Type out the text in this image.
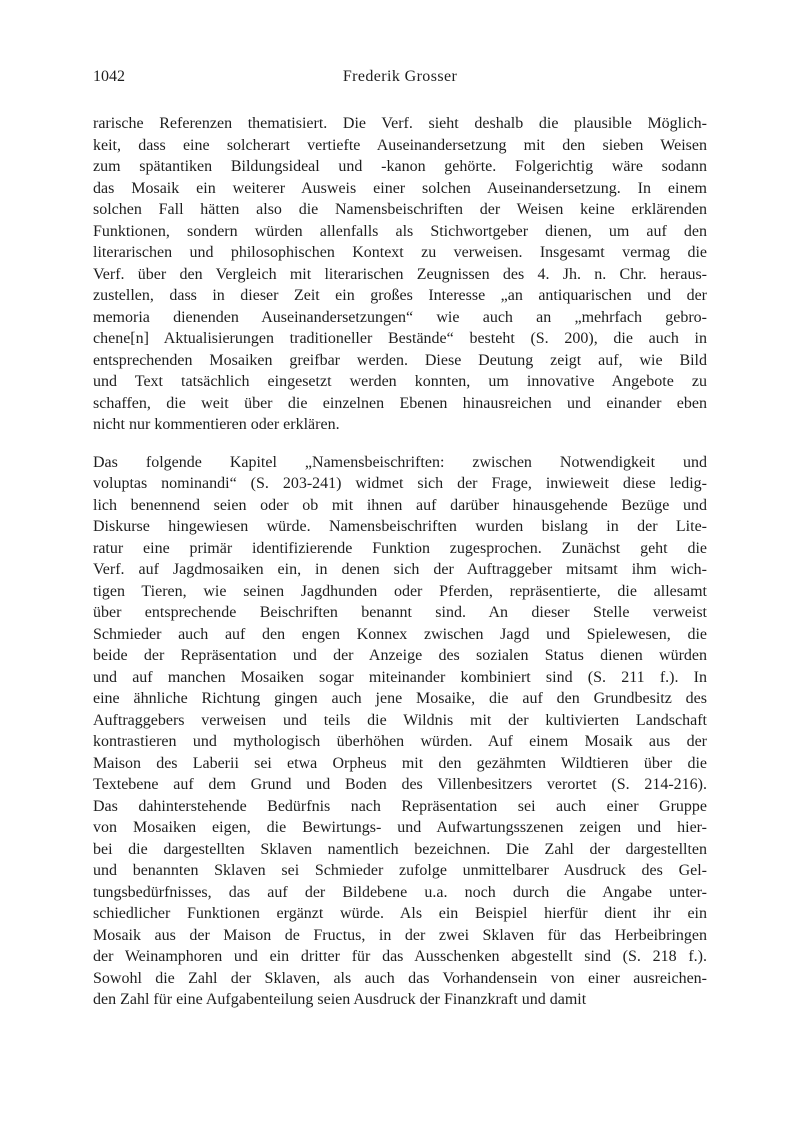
1042	Frederik Grosser
rarische Referenzen thematisiert. Die Verf. sieht deshalb die plausible Möglich-
keit, dass eine solcherart vertiefte Auseinandersetzung mit den sieben Weisen
zum spätantiken Bildungsideal und -kanon gehörte. Folgerichtig wäre sodann
das Mosaik ein weiterer Ausweis einer solchen Auseinandersetzung. In einem
solchen Fall hätten also die Namensbeischriften der Weisen keine erklärenden
Funktionen, sondern würden allenfalls als Stichwortgeber dienen, um auf den
literarischen und philosophischen Kontext zu verweisen. Insgesamt vermag die
Verf. über den Vergleich mit literarischen Zeugnissen des 4. Jh. n. Chr. heraus-
zustellen, dass in dieser Zeit ein großes Interesse „an antiquarischen und der
memoria dienenden Auseinandersetzungen“ wie auch an „mehrfach gebro-
chene[n] Aktualisierungen traditioneller Bestände“ besteht (S. 200), die auch in
entsprechenden Mosaiken greifbar werden. Diese Deutung zeigt auf, wie Bild
und Text tatsächlich eingesetzt werden konnten, um innovative Angebote zu
schaffen, die weit über die einzelnen Ebenen hinausreichen und einander eben
nicht nur kommentieren oder erklären.
Das folgende Kapitel „Namensbeischriften: zwischen Notwendigkeit und
voluptas nominandi“ (S. 203-241) widmet sich der Frage, inwieweit diese ledig-
lich benennend seien oder ob mit ihnen auf darüber hinausgehende Bezüge und
Diskurse hingewiesen würde. Namensbeischriften wurden bislang in der Lite-
ratur eine primär identifizierende Funktion zugesprochen. Zunächst geht die
Verf. auf Jagdmosaiken ein, in denen sich der Auftraggeber mitsamt ihm wich-
tigen Tieren, wie seinen Jagdhunden oder Pferden, repräsentierte, die allesamt
über entsprechende Beischriften benannt sind. An dieser Stelle verweist
Schmieder auch auf den engen Konnex zwischen Jagd und Spielewesen, die
beide der Repräsentation und der Anzeige des sozialen Status dienen würden
und auf manchen Mosaiken sogar miteinander kombiniert sind (S. 211 f.). In
eine ähnliche Richtung gingen auch jene Mosaike, die auf den Grundbesitz des
Auftraggebers verweisen und teils die Wildnis mit der kultivierten Landschaft
kontrastieren und mythologisch überhöhen würden. Auf einem Mosaik aus der
Maison des Laberii sei etwa Orpheus mit den gezähmten Wildtieren über die
Textebene auf dem Grund und Boden des Villenbesitzers verortet (S. 214-216).
Das dahinterstehende Bedürfnis nach Repräsentation sei auch einer Gruppe
von Mosaiken eigen, die Bewirtungs- und Aufwartungsszenen zeigen und hier-
bei die dargestellten Sklaven namentlich bezeichnen. Die Zahl der dargestellten
und benannten Sklaven sei Schmieder zufolge unmittelbarer Ausdruck des Gel-
tungsbedürfnisses, das auf der Bildebene u.a. noch durch die Angabe unter-
schiedlicher Funktionen ergänzt würde. Als ein Beispiel hierfür dient ihr ein
Mosaik aus der Maison de Fructus, in der zwei Sklaven für das Herbeibringen
der Weinamphoren und ein dritter für das Ausschenken abgestellt sind (S. 218 f.).
Sowohl die Zahl der Sklaven, als auch das Vorhandensein von einer ausreichen-
den Zahl für eine Aufgabenteilung seien Ausdruck der Finanzkraft und damit
